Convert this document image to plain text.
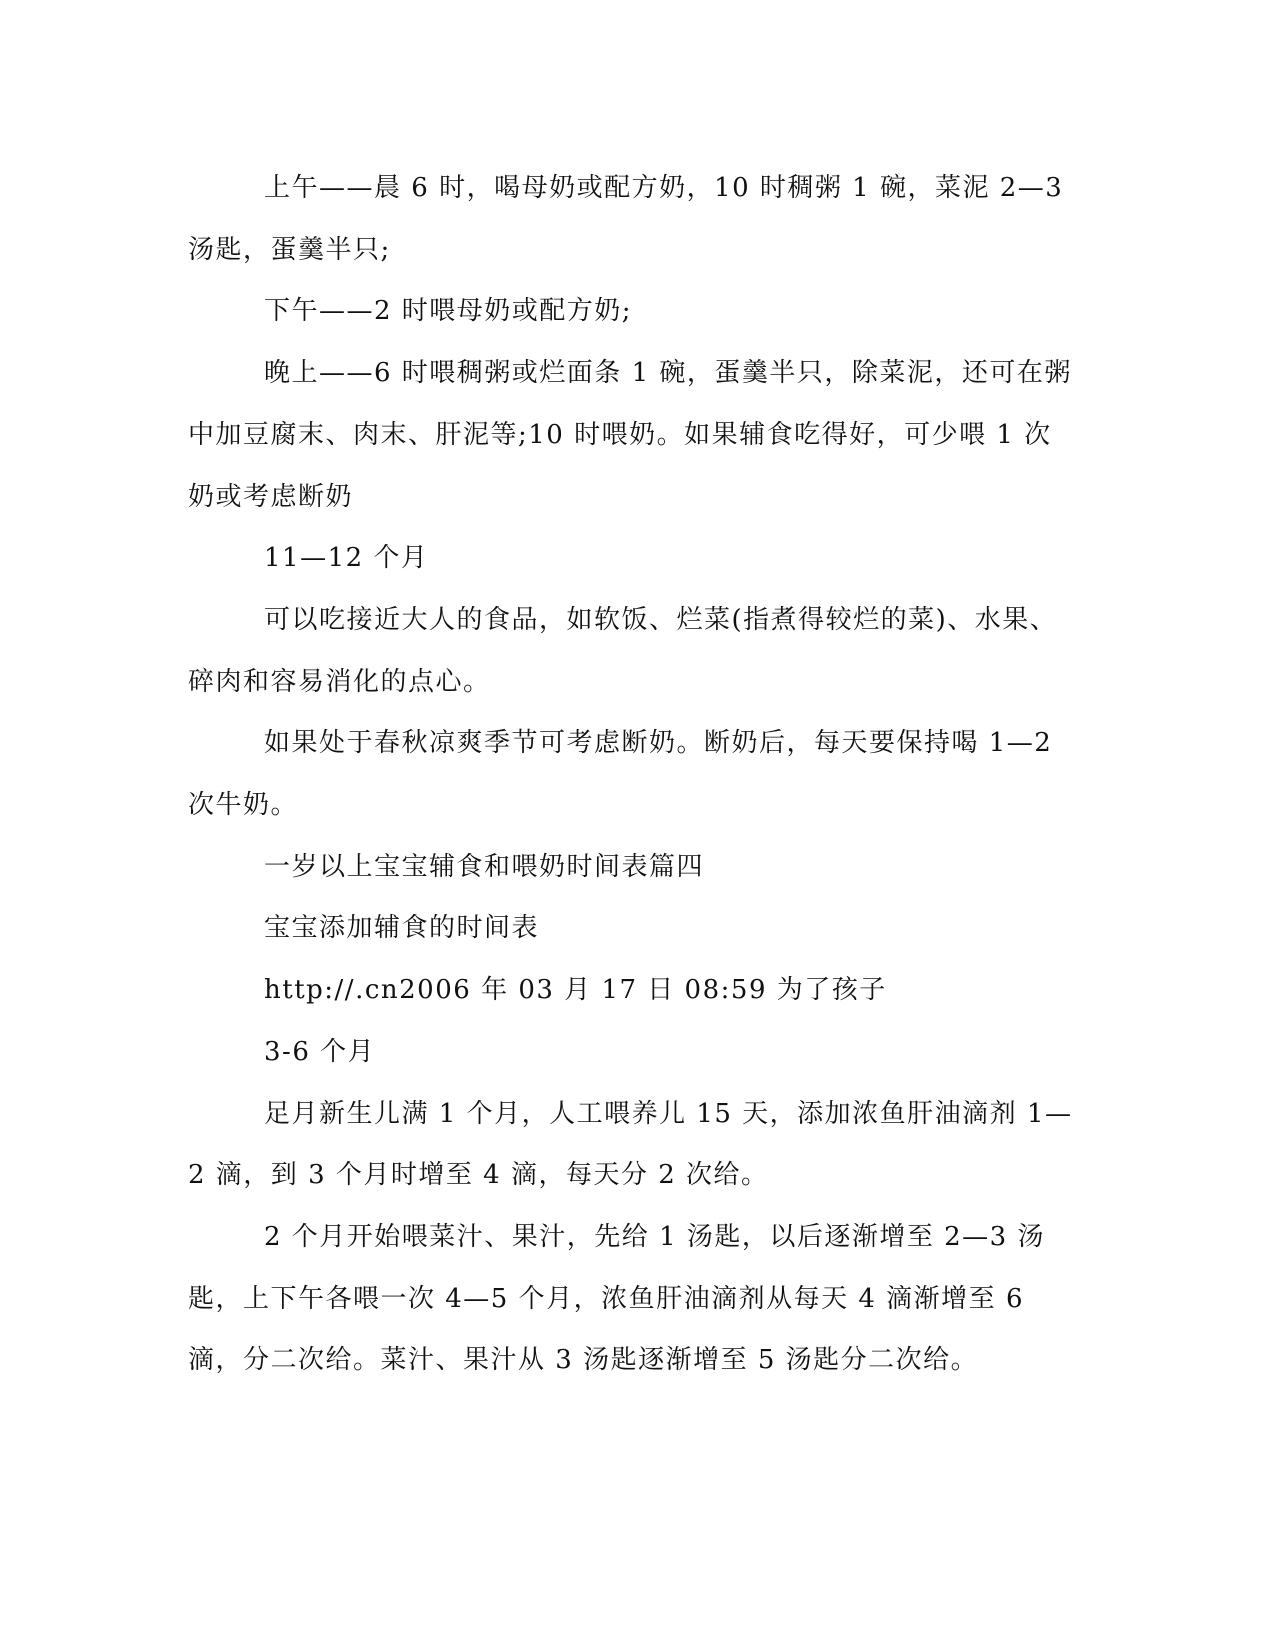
上午——晨 6 时，喝母奶或配方奶，10 时稠粥 1 碗，菜泥 2—3 汤匙，蛋羹半只;

下午——2 时喂母奶或配方奶;

晚上——6 时喂稠粥或烂面条 1 碗，蛋羹半只，除菜泥，还可在粥中加豆腐末、肉末、肝泥等;10 时喂奶。如果辅食吃得好，可少喂 1 次奶或考虑断奶

11—12 个月

可以吃接近大人的食品，如软饭、烂菜(指煮得较烂的菜)、水果、碎肉和容易消化的点心。

如果处于春秋凉爽季节可考虑断奶。断奶后，每天要保持喝 1—2 次牛奶。

一岁以上宝宝辅食和喂奶时间表篇四

宝宝添加辅食的时间表

http://.cn2006 年 03 月 17 日 08:59 为了孩子

3-6 个月

足月新生儿满 1 个月，人工喂养儿 15 天，添加浓鱼肝油滴剂 1—2 滴，到 3 个月时增至 4 滴，每天分 2 次给。

2 个月开始喂菜汁、果汁，先给 1 汤匙，以后逐渐增至 2—3 汤匙，上下午各喂一次 4—5 个月，浓鱼肝油滴剂从每天 4 滴渐增至 6 滴，分二次给。菜汁、果汁从 3 汤匙逐渐增至 5 汤匙分二次给。
